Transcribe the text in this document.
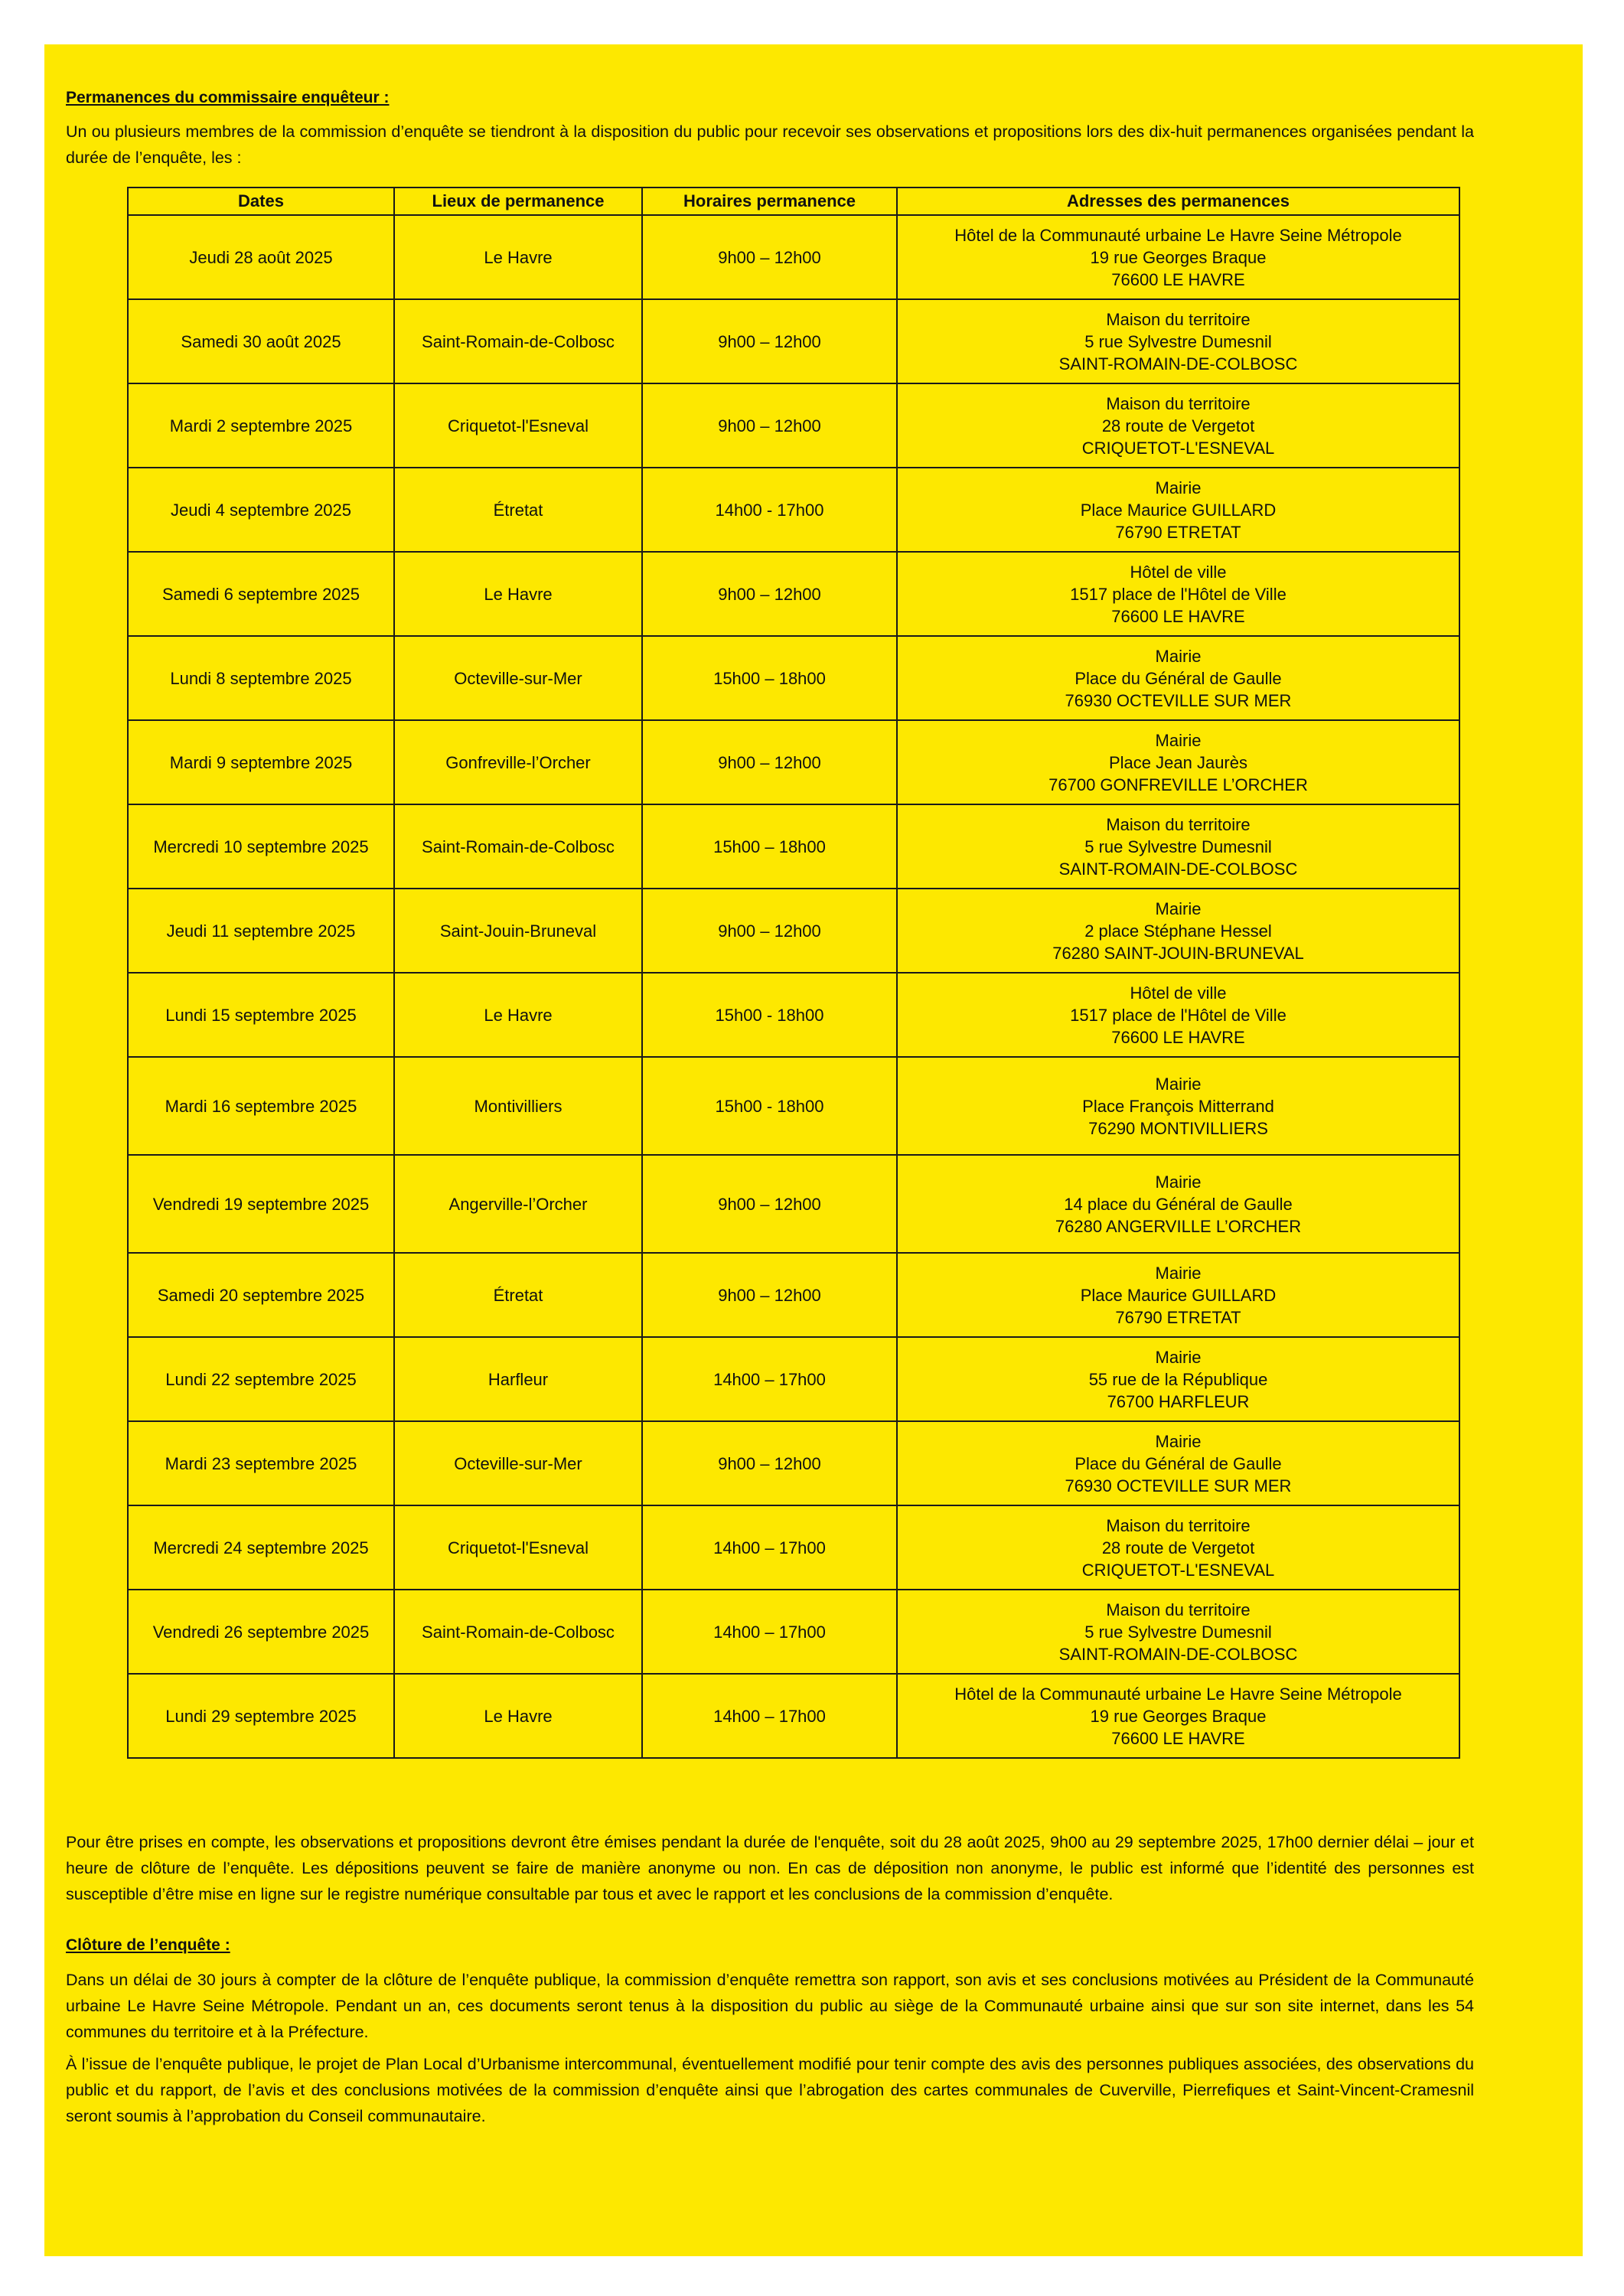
Permanences du commissaire enquêteur :
Un ou plusieurs membres de la commission d’enquête se tiendront à la disposition du public pour recevoir ses observations et propositions lors des dix-huit permanences organisées pendant la durée de l’enquête, les :
Dates	Lieux de permanence	Horaires permanence	Adresses des permanences
Jeudi 28 août 2025	Le Havre	9h00 – 12h00	Hôtel de la Communauté urbaine Le Havre Seine Métropole
19 rue Georges Braque
76600 LE HAVRE

Samedi 30 août 2025	Saint-Romain-de-Colbosc	9h00 – 12h00	Maison du territoire
5 rue Sylvestre Dumesnil
SAINT-ROMAIN-DE-COLBOSC

Mardi 2 septembre 2025	Criquetot-l'Esneval	9h00 – 12h00	Maison du territoire
28 route de Vergetot
CRIQUETOT-L'ESNEVAL

Jeudi 4 septembre 2025	Étretat	14h00 - 17h00	Mairie
Place Maurice GUILLARD
76790 ETRETAT

Samedi 6 septembre 2025	Le Havre	9h00 – 12h00	Hôtel de ville
1517 place de l'Hôtel de Ville
76600 LE HAVRE

Lundi 8 septembre 2025	Octeville-sur-Mer	15h00 – 18h00	Mairie
Place du Général de Gaulle
76930 OCTEVILLE SUR MER

Mardi 9 septembre 2025	Gonfreville-l’Orcher	9h00 – 12h00	Mairie
Place Jean Jaurès
76700 GONFREVILLE L’ORCHER

Mercredi 10 septembre 2025	Saint-Romain-de-Colbosc	15h00 – 18h00	Maison du territoire
5 rue Sylvestre Dumesnil
SAINT-ROMAIN-DE-COLBOSC

Jeudi 11 septembre 2025	Saint-Jouin-Bruneval	9h00 – 12h00	Mairie
2 place Stéphane Hessel
76280 SAINT-JOUIN-BRUNEVAL

Lundi 15 septembre 2025	Le Havre	15h00 - 18h00	Hôtel de ville
1517 place de l'Hôtel de Ville
76600 LE HAVRE

Mardi 16 septembre 2025	Montivilliers	15h00 - 18h00	Mairie
Place François Mitterrand
76290 MONTIVILLIERS

Vendredi 19 septembre 2025	Angerville-l’Orcher	9h00 – 12h00	Mairie
14 place du Général de Gaulle
76280 ANGERVILLE L’ORCHER

Samedi 20 septembre 2025	Étretat	9h00 – 12h00	Mairie
Place Maurice GUILLARD
76790 ETRETAT

Lundi 22 septembre 2025	Harfleur	14h00 – 17h00	Mairie
55 rue de la République
76700 HARFLEUR

Mardi 23 septembre 2025	Octeville-sur-Mer	9h00 – 12h00	Mairie
Place du Général de Gaulle
76930 OCTEVILLE SUR MER

Mercredi 24 septembre 2025	Criquetot-l'Esneval	14h00 – 17h00	Maison du territoire
28 route de Vergetot
CRIQUETOT-L'ESNEVAL

Vendredi 26 septembre 2025	Saint-Romain-de-Colbosc	14h00 – 17h00	Maison du territoire
5 rue Sylvestre Dumesnil
SAINT-ROMAIN-DE-COLBOSC

Lundi 29 septembre 2025	Le Havre	14h00 – 17h00	Hôtel de la Communauté urbaine Le Havre Seine Métropole
19 rue Georges Braque
76600 LE HAVRE
Pour être prises en compte, les observations et propositions devront être émises pendant la durée de l'enquête, soit du 28 août 2025, 9h00 au 29 septembre 2025, 17h00 dernier délai – jour et heure de clôture de l’enquête. Les dépositions peuvent se faire de manière anonyme ou non. En cas de déposition non anonyme, le public est informé que l’identité des personnes est susceptible d’être mise en ligne sur le registre numérique consultable par tous et avec le rapport et les conclusions de la commission d’enquête.
Clôture de l’enquête :
Dans un délai de 30 jours à compter de la clôture de l’enquête publique, la commission d’enquête remettra son rapport, son avis et ses conclusions motivées au Président de la Communauté urbaine Le Havre Seine Métropole. Pendant un an, ces documents seront tenus à la disposition du public au siège de la Communauté urbaine ainsi que sur son site internet, dans les 54 communes du territoire et à la Préfecture.
À l’issue de l’enquête publique, le projet de Plan Local d’Urbanisme intercommunal, éventuellement modifié pour tenir compte des avis des personnes publiques associées, des observations du public et du rapport, de l’avis et des conclusions motivées de la commission d’enquête ainsi que l’abrogation des cartes communales de Cuverville, Pierrefiques et Saint-Vincent-Cramesnil seront soumis à l’approbation du Conseil communautaire.
